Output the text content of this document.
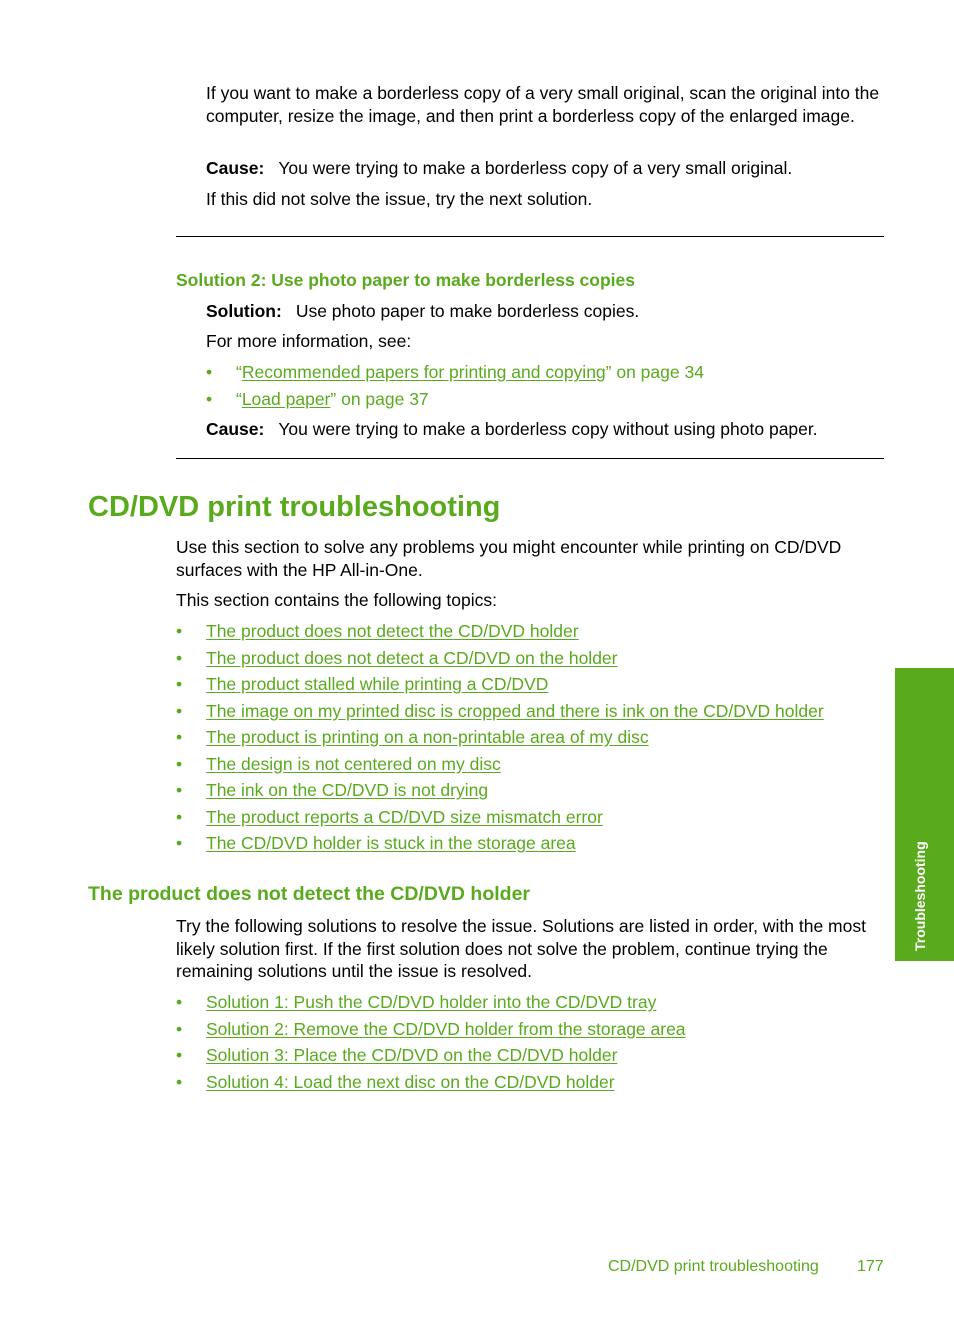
If you want to make a borderless copy of a very small original, scan the original into the computer, resize the image, and then print a borderless copy of the enlarged image.

Cause: You were trying to make a borderless copy of a very small original.

If this did not solve the issue, try the next solution.

Solution 2: Use photo paper to make borderless copies

Solution: Use photo paper to make borderless copies.

For more information, see:

• “Recommended papers for printing and copying” on page 34
• “Load paper” on page 37

Cause: You were trying to make a borderless copy without using photo paper.

CD/DVD print troubleshooting

Use this section to solve any problems you might encounter while printing on CD/DVD surfaces with the HP All-in-One.

This section contains the following topics:

• The product does not detect the CD/DVD holder
• The product does not detect a CD/DVD on the holder
• The product stalled while printing a CD/DVD
• The image on my printed disc is cropped and there is ink on the CD/DVD holder
• The product is printing on a non-printable area of my disc
• The design is not centered on my disc
• The ink on the CD/DVD is not drying
• The product reports a CD/DVD size mismatch error
• The CD/DVD holder is stuck in the storage area
The product does not detect the CD/DVD holder

Try the following solutions to resolve the issue. Solutions are listed in order, with the most likely solution first. If the first solution does not solve the problem, continue trying the remaining solutions until the issue is resolved.

• Solution 1: Push the CD/DVD holder into the CD/DVD tray
• Solution 2: Remove the CD/DVD holder from the storage area
• Solution 3: Place the CD/DVD on the CD/DVD holder
• Solution 4: Load the next disc on the CD/DVD holder
Troubleshooting
CD/DVD print troubleshooting 177
